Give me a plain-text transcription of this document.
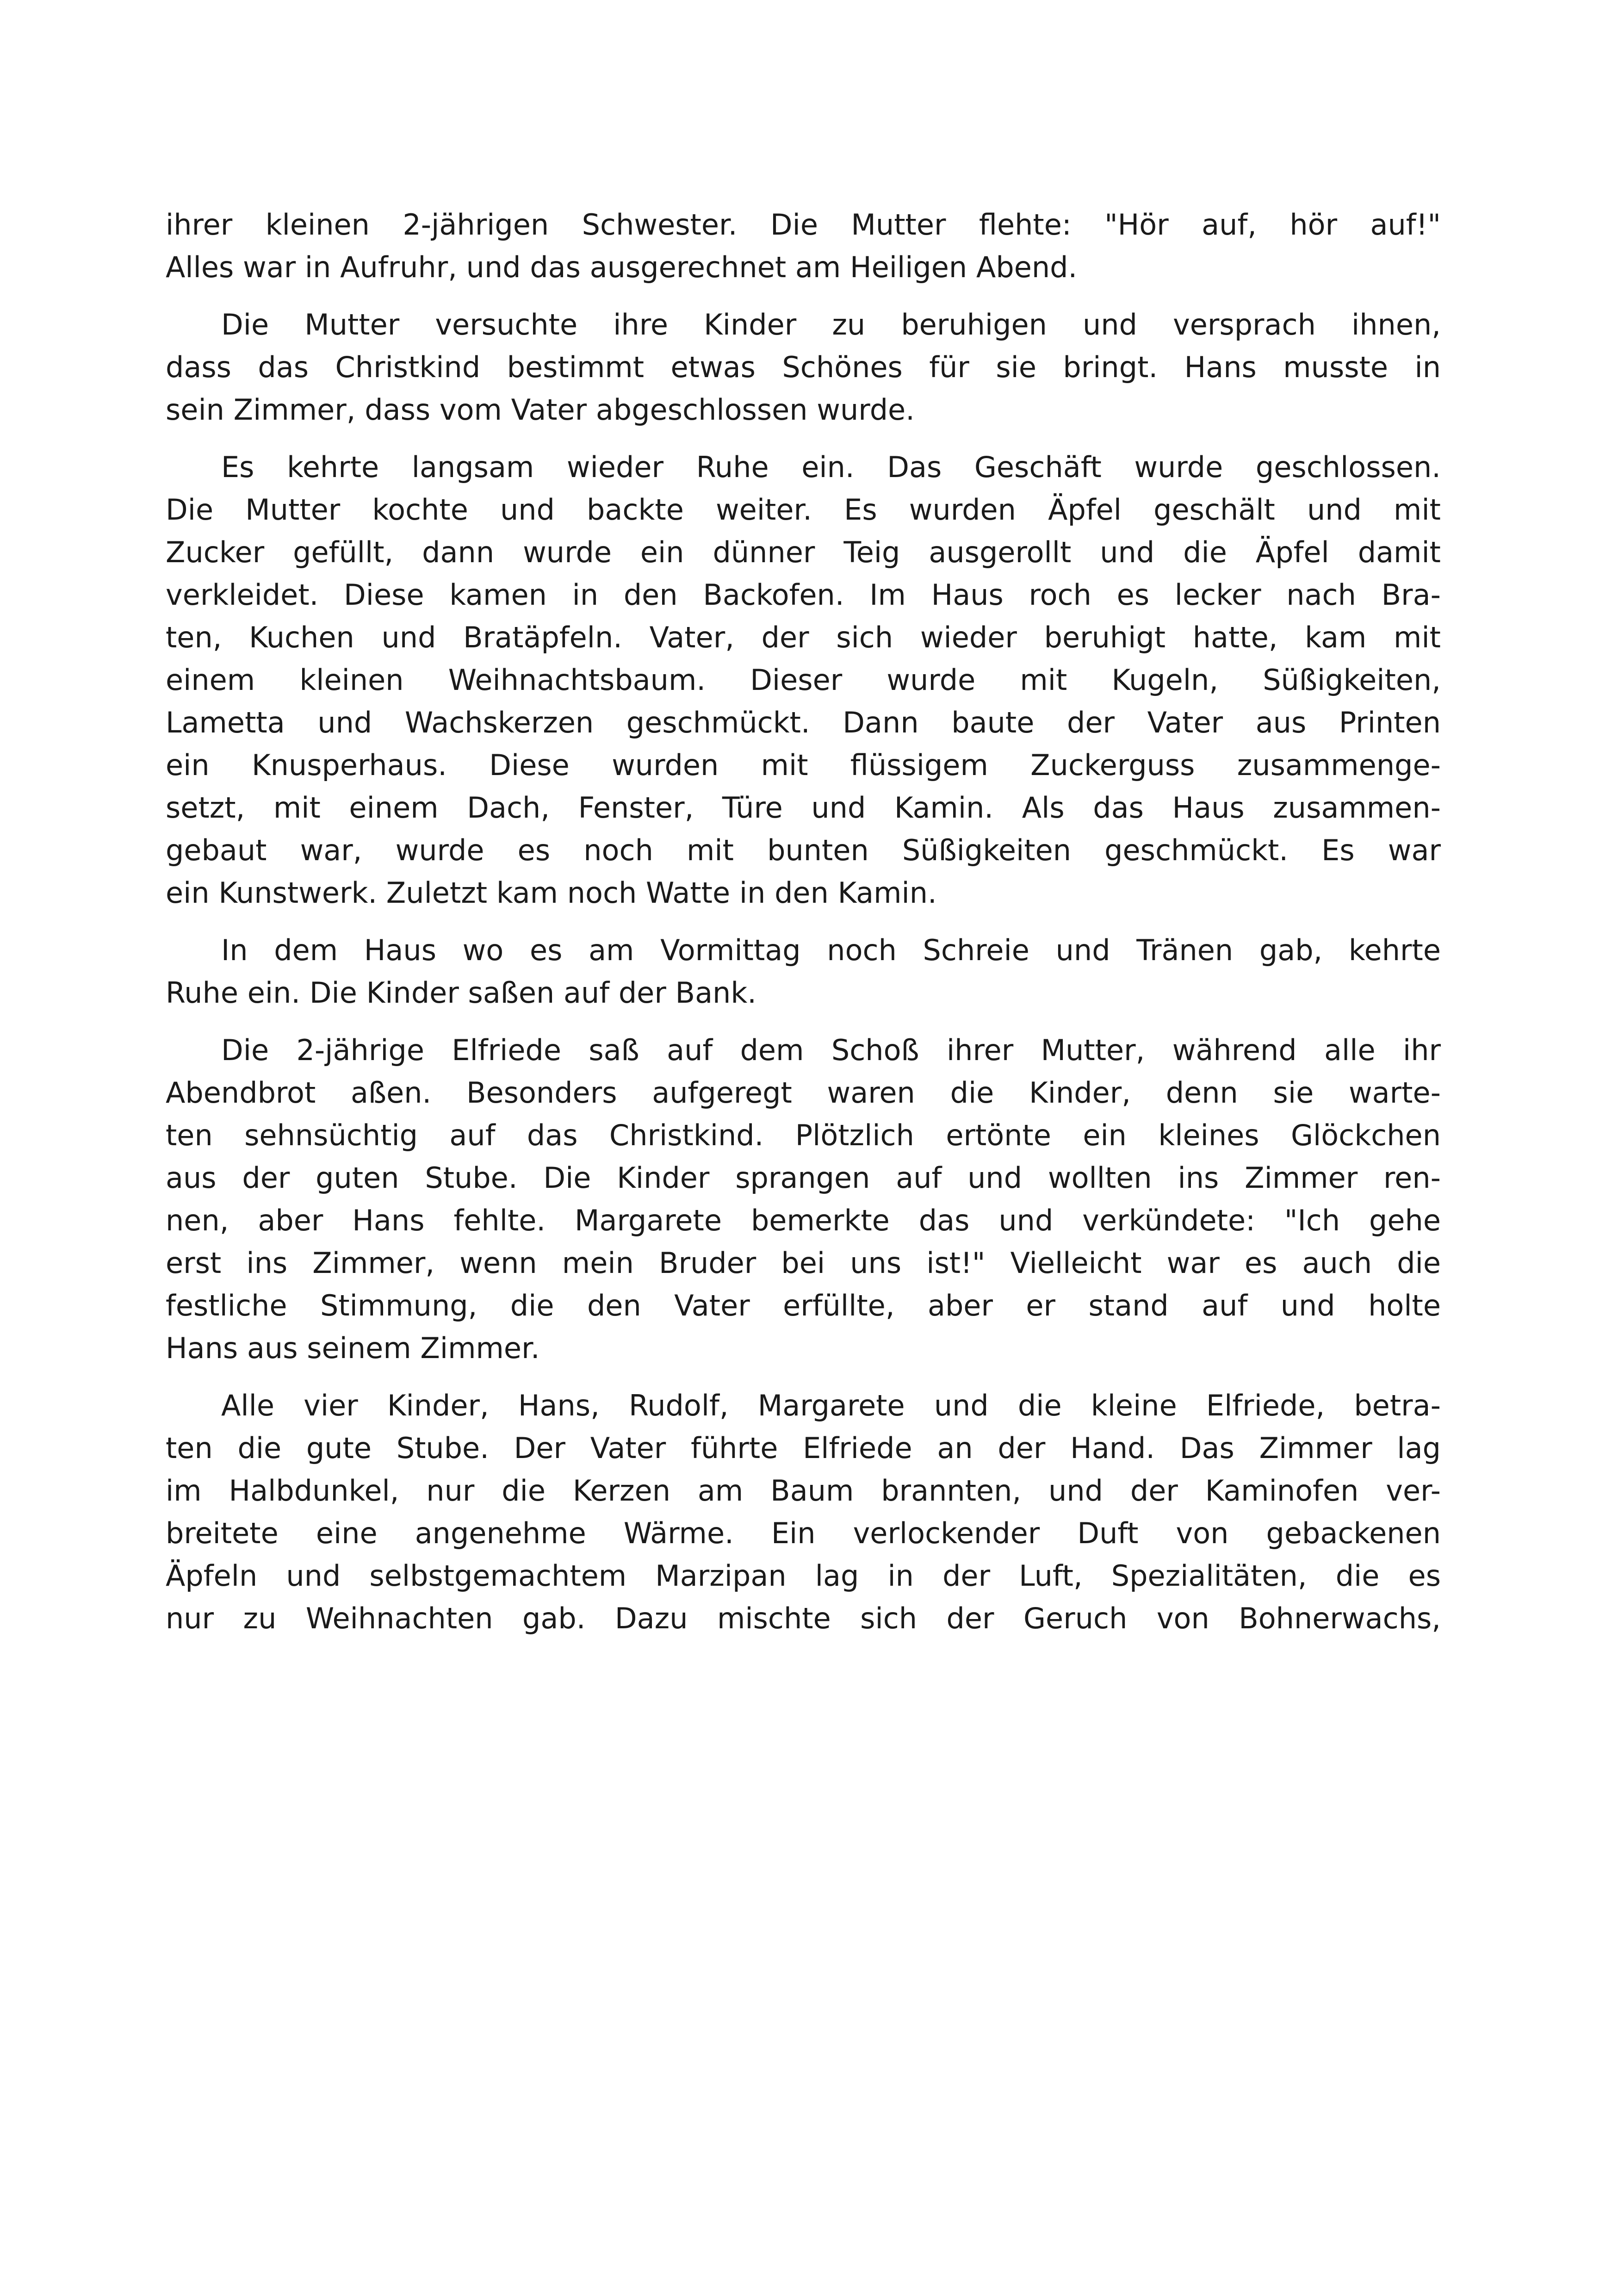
ihrer kleinen 2-jährigen Schwester. Die Mutter flehte: "Hör auf, hör auf!"
Alles war in Aufruhr, und das ausgerechnet am Heiligen Abend.

Die Mutter versuchte ihre Kinder zu beruhigen und versprach ihnen,
dass das Christkind bestimmt etwas Schönes für sie bringt. Hans musste in
sein Zimmer, dass vom Vater abgeschlossen wurde.

Es kehrte langsam wieder Ruhe ein. Das Geschäft wurde geschlossen.
Die Mutter kochte und backte weiter. Es wurden Äpfel geschält und mit
Zucker gefüllt, dann wurde ein dünner Teig ausgerollt und die Äpfel damit
verkleidet. Diese kamen in den Backofen. Im Haus roch es lecker nach Bra-
ten, Kuchen und Bratäpfeln. Vater, der sich wieder beruhigt hatte, kam mit
einem kleinen Weihnachtsbaum. Dieser wurde mit Kugeln, Süßigkeiten,
Lametta und Wachskerzen geschmückt. Dann baute der Vater aus Printen
ein Knusperhaus. Diese wurden mit flüssigem Zuckerguss zusammenge-
setzt, mit einem Dach, Fenster, Türe und Kamin. Als das Haus zusammen-
gebaut war, wurde es noch mit bunten Süßigkeiten geschmückt. Es war
ein Kunstwerk. Zuletzt kam noch Watte in den Kamin.

In dem Haus wo es am Vormittag noch Schreie und Tränen gab, kehrte
Ruhe ein. Die Kinder saßen auf der Bank.

Die 2-jährige Elfriede saß auf dem Schoß ihrer Mutter, während alle ihr
Abendbrot aßen. Besonders aufgeregt waren die Kinder, denn sie warte-
ten sehnsüchtig auf das Christkind. Plötzlich ertönte ein kleines Glöckchen
aus der guten Stube. Die Kinder sprangen auf und wollten ins Zimmer ren-
nen, aber Hans fehlte. Margarete bemerkte das und verkündete: "Ich gehe
erst ins Zimmer, wenn mein Bruder bei uns ist!" Vielleicht war es auch die
festliche Stimmung, die den Vater erfüllte, aber er stand auf und holte
Hans aus seinem Zimmer.

Alle vier Kinder, Hans, Rudolf, Margarete und die kleine Elfriede, betra-
ten die gute Stube. Der Vater führte Elfriede an der Hand. Das Zimmer lag
im Halbdunkel, nur die Kerzen am Baum brannten, und der Kaminofen ver-
breitete eine angenehme Wärme. Ein verlockender Duft von gebackenen
Äpfeln und selbstgemachtem Marzipan lag in der Luft, Spezialitäten, die es
nur zu Weihnachten gab. Dazu mischte sich der Geruch von Bohnerwachs,
